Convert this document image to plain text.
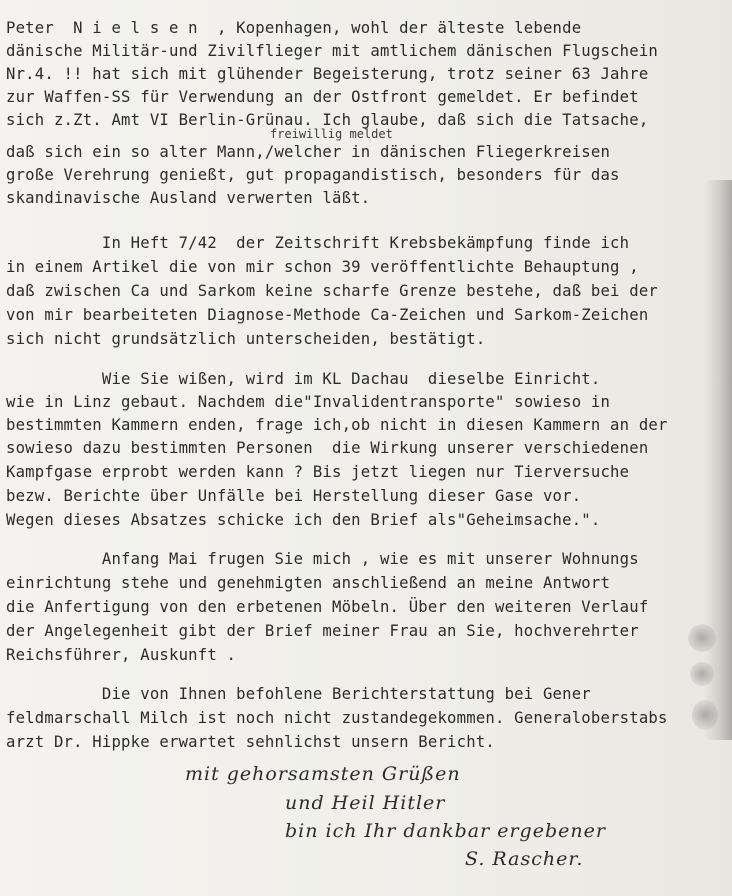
Peter  N i e l s e n  , Kopenhagen, wohl der älteste lebende
dänische Militär-und Zivilflieger mit amtlichem dänischen Flugschein
Nr.4. !! hat sich mit glühender Begeisterung, trotz seiner 63 Jahre
zur Waffen-SS für Verwendung an der Ostfront gemeldet. Er befindet
sich z.Zt. Amt VI Berlin-Grünau. Ich glaube, daß sich die Tatsache,
freiwillig meldet
daß sich ein so alter Mann,/welcher in dänischen Fliegerkreisen
große Verehrung genießt, gut propagandistisch, besonders für das
skandinavische Ausland verwerten läßt.
In Heft 7/42  der Zeitschrift Krebsbekämpfung finde ich
in einem Artikel die von mir schon 39 veröffentlichte Behauptung ,
daß zwischen Ca und Sarkom keine scharfe Grenze bestehe, daß bei der
von mir bearbeiteten Diagnose-Methode Ca-Zeichen und Sarkom-Zeichen
sich nicht grundsätzlich unterscheiden, bestätigt.
Wie Sie wißen, wird im KL Dachau  dieselbe Einricht.
wie in Linz gebaut. Nachdem die"Invalidentransporte" sowieso in
bestimmten Kammern enden, frage ich,ob nicht in diesen Kammern an der
sowieso dazu bestimmten Personen  die Wirkung unserer verschiedenen
Kampfgase erprobt werden kann ? Bis jetzt liegen nur Tierversuche
bezw. Berichte über Unfälle bei Herstellung dieser Gase vor.
Wegen dieses Absatzes schicke ich den Brief als"Geheimsache.".
Anfang Mai frugen Sie mich , wie es mit unserer Wohnungs
einrichtung stehe und genehmigten anschließend an meine Antwort
die Anfertigung von den erbetenen Möbeln. Über den weiteren Verlauf
der Angelegenheit gibt der Brief meiner Frau an Sie, hochverehrter
Reichsführer, Auskunft .
Die von Ihnen befohlene Berichterstattung bei Gener
feldmarschall Milch ist noch nicht zustandegekommen. Generaloberstabs
arzt Dr. Hippke erwartet sehnlichst unsern Bericht.
mit gehorsamsten Grüßen
und Heil Hitler
bin ich Ihr dankbar ergebener
S. Rascher.
